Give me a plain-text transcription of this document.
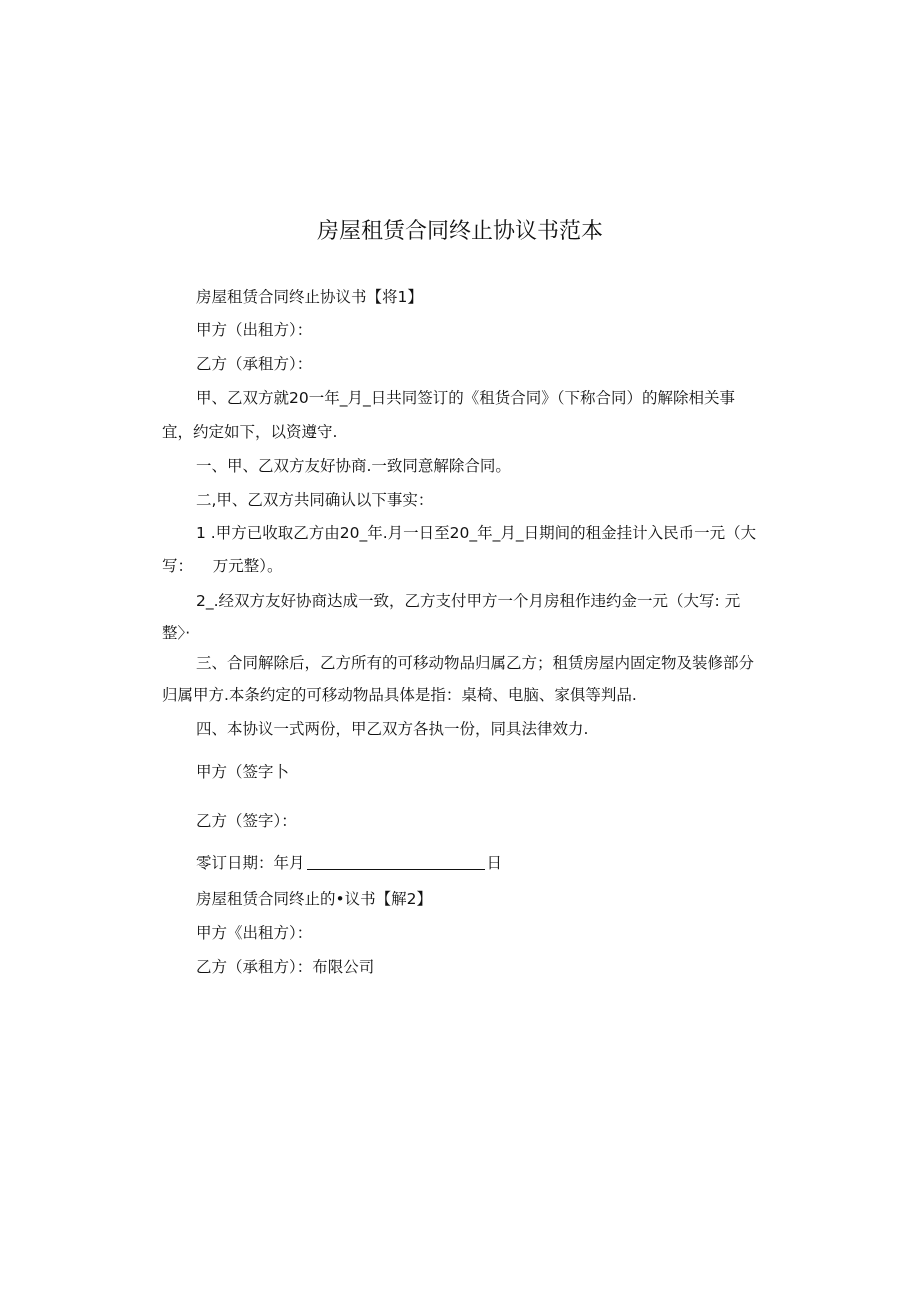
房屋租赁合同终止协议书范本
房屋租赁合同终止协议书【将1】
甲方（出租方）：
乙方（承租方）：
甲、乙双方就20一年_月_日共同签订的《租货合同》（下称合同）的解除相关事
宜，约定如下，以资遵守.
一、甲、乙双方友好协商.一致同意解除合同。
二,甲、乙双方共同确认以下事实：
1 .甲方已收取乙方由20_年.月一日至20_年_月_日期间的租金挂计入民币一元（大
写：    万元整）。
2_.经双方友好协商达成一致，乙方支付甲方一个月房租作违约金一元（大写: 元
整〉·
三、合同解除后，乙方所有的可移动物品归属乙方；租赁房屋内固定物及装修部分
归属甲方.本条约定的可移动物品具体是指：桌椅、电脑、家俱等判品.
四、本协议一式两份，甲乙双方各执一份，同具法律效力.
甲方（签字卜
乙方（签字）：
零订日期：年月	日
房屋租赁合同终止的•议书【解2】
甲方《出租方）：
乙方（承租方）：布限公司
